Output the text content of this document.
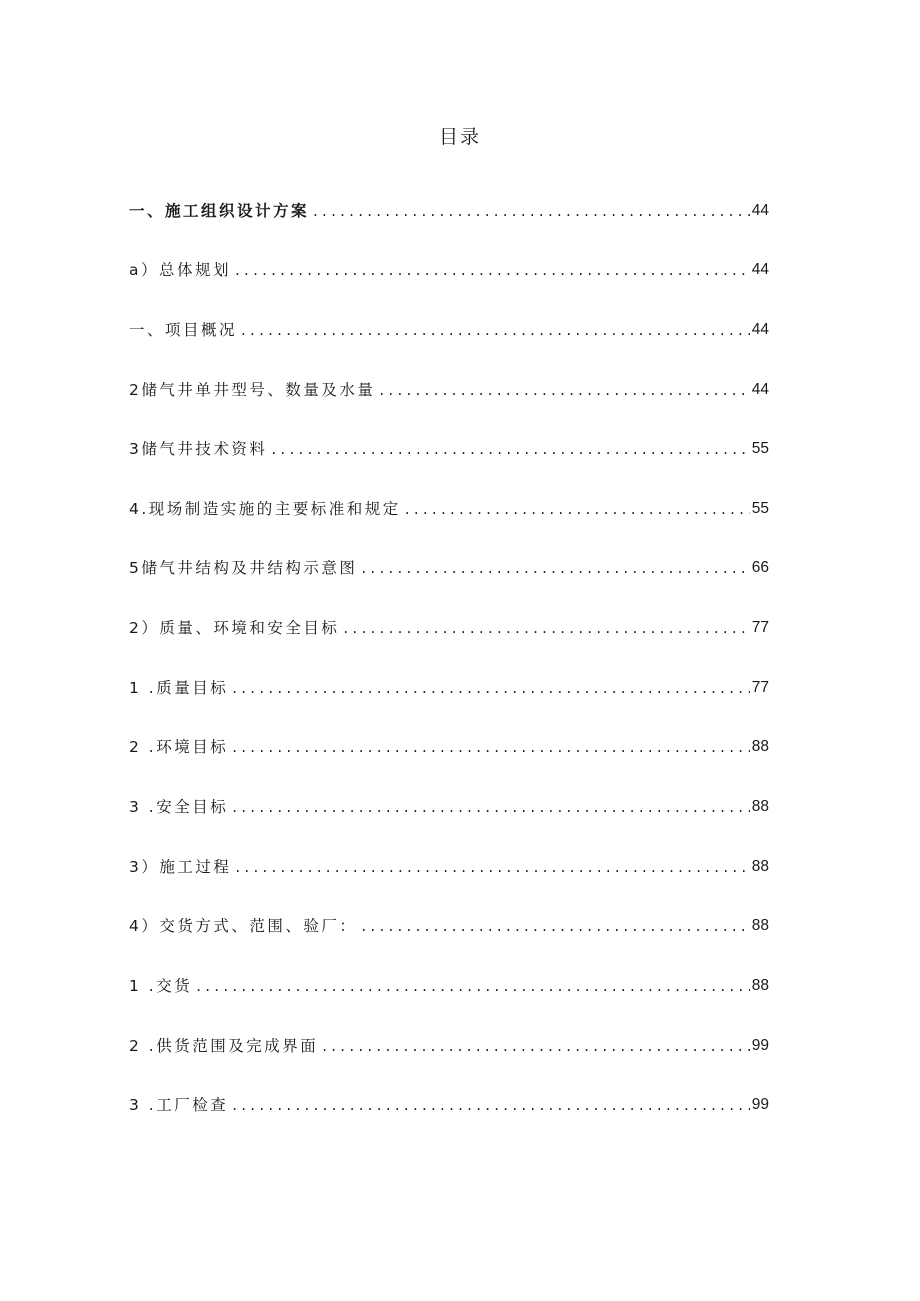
目录
一、施工组织设计方案 . . .	44
a）总体规划 . . .	44
一、项目概况 . . .	44
2储气井单井型号、数量及水量 . . .	44
3储气井技术资料 . . .	55
4.现场制造实施的主要标准和规定 . . .	55
5储气井结构及井结构示意图 . . .	66
2）质量、环境和安全目标 . . .	77
1 .质量目标 . . .	77
2 .环境目标 . . .	88
3 .安全目标 . . .	88
3）施工过程 . . .	88
4）交货方式、范围、验厂： . . .	88
1 .交货 . . .	88
2 .供货范围及完成界面 . . .	99
3 .工厂检查 . . .	99
